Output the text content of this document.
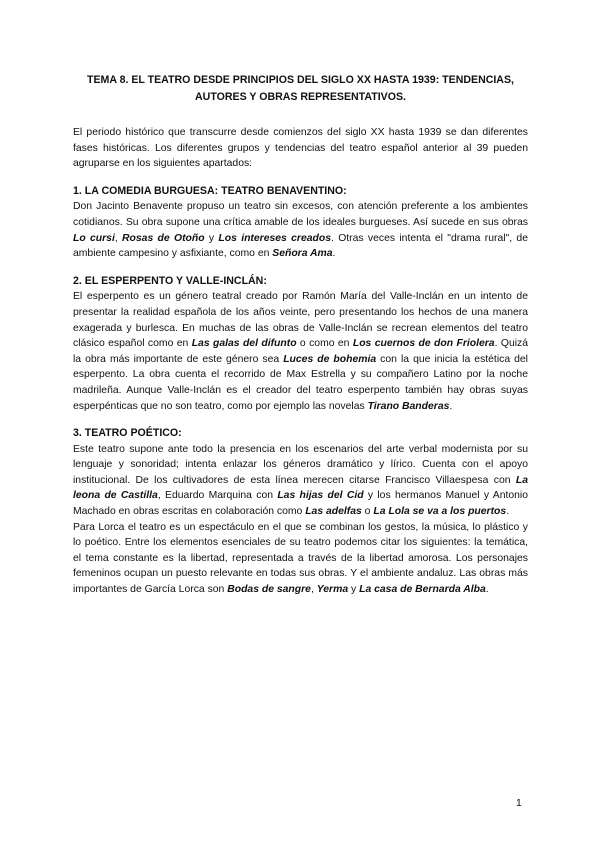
TEMA 8. EL TEATRO DESDE PRINCIPIOS DEL SIGLO XX HASTA 1939: TENDENCIAS,
AUTORES Y OBRAS REPRESENTATIVOS.

El periodo histórico que transcurre desde comienzos del siglo XX hasta 1939 se dan diferentes fases históricas. Los diferentes grupos y tendencias del teatro español anterior al 39 pueden agruparse en los siguientes apartados:

1. LA COMEDIA BURGUESA: TEATRO BENAVENTINO:

Don Jacinto Benavente propuso un teatro sin excesos, con atención preferente a los ambientes cotidianos. Su obra supone una crítica amable de los ideales burgueses. Así sucede en sus obras Lo cursi, Rosas de Otoño y Los intereses creados. Otras veces intenta el "drama rural", de ambiente campesino y asfixiante, como en Señora Ama.

2. EL ESPERPENTO Y VALLE-INCLÁN:

El esperpento es un género teatral creado por Ramón María del Valle-Inclán en un intento de presentar la realidad española de los años veinte, pero presentando los hechos de una manera exagerada y burlesca. En muchas de las obras de Valle-Inclán se recrean elementos del teatro clásico español como en Las galas del difunto o como en Los cuernos de don Friolera. Quizá la obra más importante de este género sea Luces de bohemia con la que inicia la estética del esperpento. La obra cuenta el recorrido de Max Estrella y su compañero Latino por la noche madrileña. Aunque Valle-Inclán es el creador del teatro esperpento también hay obras suyas esperpénticas que no son teatro, como por ejemplo las novelas Tirano Banderas.

3. TEATRO POÉTICO:

Este teatro supone ante todo la presencia en los escenarios del arte verbal modernista por su lenguaje y sonoridad; intenta enlazar los géneros dramático y lírico. Cuenta con el apoyo institucional. De los cultivadores de esta línea merecen citarse Francisco Villaespesa con La leona de Castilla, Eduardo Marquina con Las hijas del Cid y los hermanos Manuel y Antonio Machado en obras escritas en colaboración como Las adelfas o La Lola se va a los puertos.

Para Lorca el teatro es un espectáculo en el que se combinan los gestos, la música, lo plástico y lo poético. Entre los elementos esenciales de su teatro podemos citar los siguientes: la temática, el tema constante es la libertad, representada a través de la libertad amorosa. Los personajes femeninos ocupan un puesto relevante en todas sus obras. Y el ambiente andaluz. Las obras más importantes de García Lorca son Bodas de sangre, Yerma y La casa de Bernarda Alba.

1
